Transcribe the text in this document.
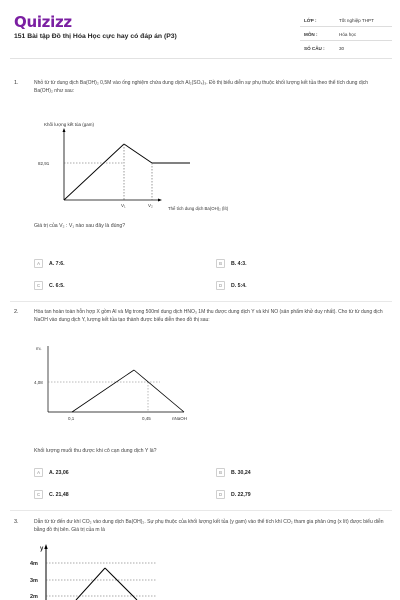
Quizizz
151 Bài tập Đồ thị Hóa Học cực hay có đáp án (P3)
LỚP :	Tốt nghiệp THPT
MÔN :	Hóa học
SỐ CÂU :	30
1.	Nhỏ từ từ dung dịch Ba(OH)₂ 0,5M vào ống nghiệm chứa dung dịch Al₂(SO₄)₃. Đồ thị biểu diễn sự phụ thuộc khối lượng kết tủa theo thể tích dung dịch Ba(OH)₂ như sau:
Khối lượng kết tủa (gam)
82,91
V₁	V₂
Thể tích dung dịch Ba(OH)₂ (lít)
Giá trị của V₂ : V₁ nào sau đây là đúng?
A	A. 7:6.	B	B. 4:3.
C	C. 6:5.	D	D. 5:4.
2.	Hòa tan hoàn toàn hỗn hợp X gồm Al và Mg trong 500ml dung dịch HNO₃ 1M thu được dung dịch Y và khí NO (sản phẩm khử duy nhất). Cho từ từ dung dịch NaOH vào dung dịch Y, lượng kết tủa tạo thành được biểu diễn theo đồ thị sau:
m↓
4,08
0,1	0,45	nNaOH
Khối lượng muối thu được khi cô cạn dung dịch Y là?
A	A. 23,06	B	B. 30,24
C	C. 21,48	D	D. 22,79
3.	Dẫn từ từ đến dư khí CO₂ vào dung dịch Ba(OH)₂. Sự phụ thuộc của khối lượng kết tủa (y gam) vào thể tích khí CO₂ tham gia phản ứng (x lít) được biểu diễn bằng đồ thị bên. Giá trị của m là
y
4m
3m
2m
